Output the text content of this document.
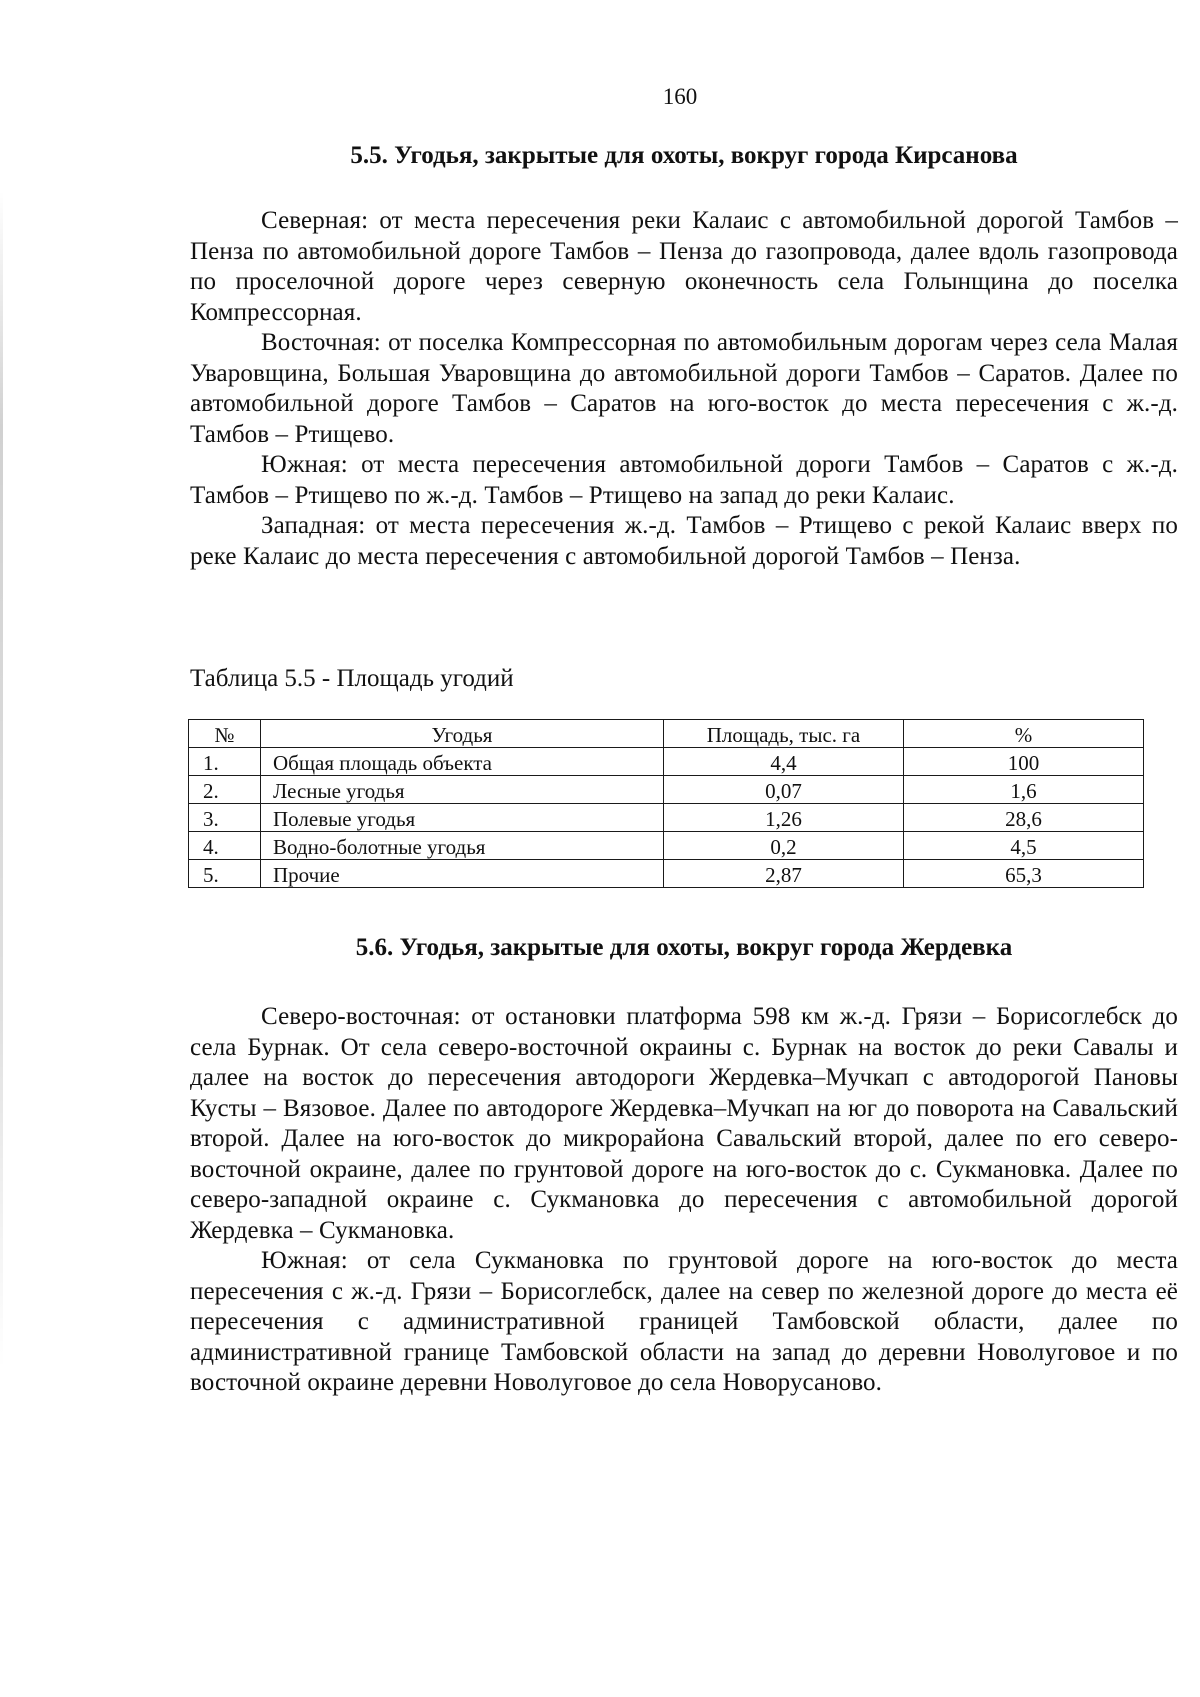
160
5.5. Угодья, закрытые для охоты, вокруг города Кирсанова

Северная: от места пересечения реки Калаис с автомобильной дорогой Тамбов – Пенза по автомобильной дороге Тамбов – Пенза до газопровода, далее вдоль газопровода по проселочной дороге через северную оконечность села Голынщина до поселка Компрессорная.

Восточная: от поселка Компрессорная по автомобильным дорогам через села Малая Уваровщина, Большая Уваровщина до автомобильной дороги Тамбов – Саратов. Далее по автомобильной дороге Тамбов – Саратов на юго-восток до места пересечения с ж.-д. Тамбов – Ртищево.

Южная: от места пересечения автомобильной дороги Тамбов – Саратов с ж.-д. Тамбов – Ртищево по ж.-д. Тамбов – Ртищево на запад до реки Калаис.

Западная: от места пересечения ж.-д. Тамбов – Ртищево с рекой Калаис вверх по реке Калаис до места пересечения с автомобильной дорогой Тамбов – Пенза.

Таблица 5.5 - Площадь угодий
№	Угодья	Площадь, тыс. га	%
1.	Общая площадь объекта	4,4	100
2.	Лесные угодья	0,07	1,6
3.	Полевые угодья	1,26	28,6
4.	Водно-болотные угодья	0,2	4,5
5.	Прочие	2,87	65,3
5.6. Угодья, закрытые для охоты, вокруг города Жердевка

Северо-восточная: от остановки платформа 598 км ж.-д. Грязи – Борисоглебск до села Бурнак. От села северо-восточной окраины с. Бурнак на восток до реки Савалы и далее на восток до пересечения автодороги Жердевка–Мучкап с автодорогой Пановы Кусты – Вязовое. Далее по автодороге Жердевка–Мучкап на юг до поворота на Савальский второй. Далее на юго-восток до микрорайона Савальский второй, далее по его северо-восточной окраине, далее по грунтовой дороге на юго-восток до с. Сукмановка. Далее по северо-западной окраине с. Сукмановка до пересечения с автомобильной дорогой Жердевка – Сукмановка.

Южная: от села Сукмановка по грунтовой дороге на юго-восток до места пересечения с ж.-д. Грязи – Борисоглебск, далее на север по железной дороге до места её пересечения с административной границей Тамбовской области, далее по административной границе Тамбовской области на запад до деревни Новолуговое и по восточной окраине деревни Новолуговое до села Новорусаново.
